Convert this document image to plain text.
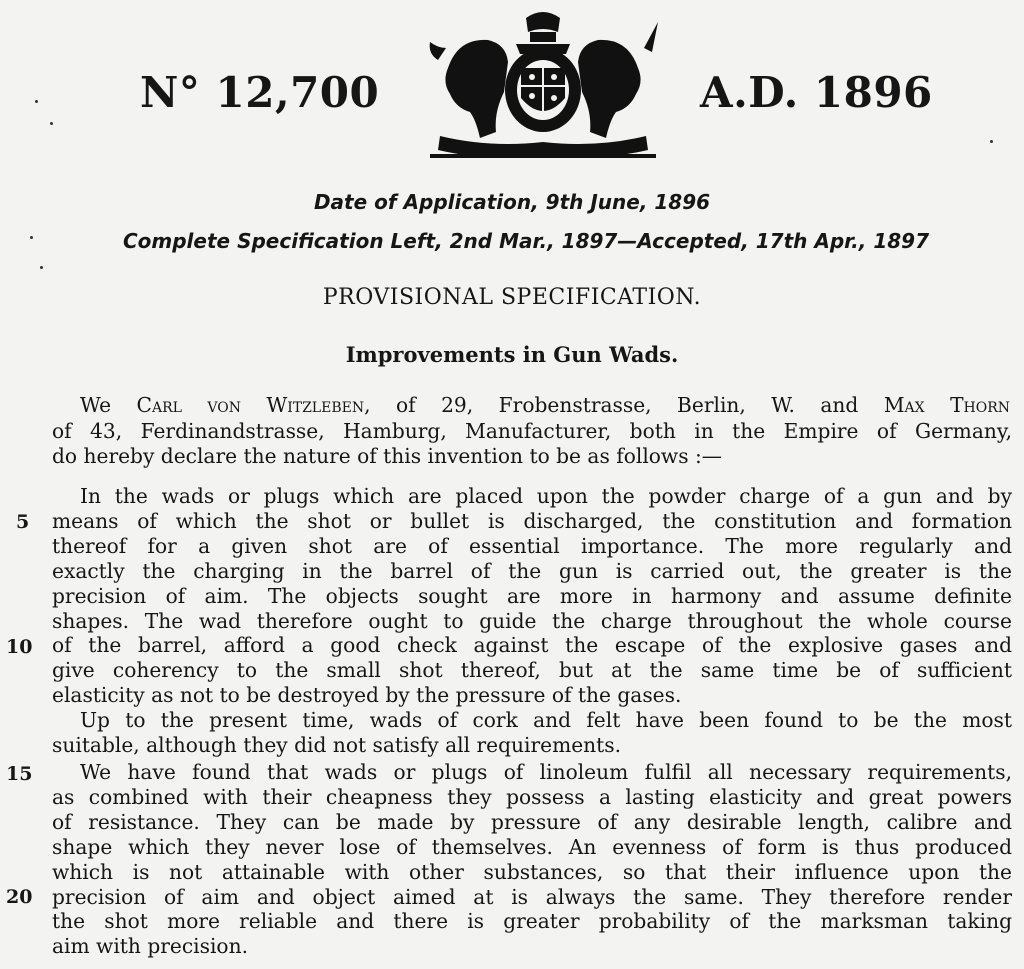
N° 12,700	A.D. 1896
Date of Application, 9th June, 1896
Complete Specification Left, 2nd Mar., 1897—Accepted, 17th Apr., 1897
PROVISIONAL SPECIFICATION.
Improvements in Gun Wads.
We Carl von Witzleben, of 29, Frobenstrasse, Berlin, W. and Max Thorn
of 43, Ferdinandstrasse, Hamburg, Manufacturer, both in the Empire of Germany,
do hereby declare the nature of this invention to be as follows :—
In the wads or plugs which are placed upon the powder charge of a gun and by
means of which the shot or bullet is discharged, the constitution and formation
thereof for a given shot are of essential importance. The more regularly and
exactly the charging in the barrel of the gun is carried out, the greater is the
precision of aim. The objects sought are more in harmony and assume definite
shapes. The wad therefore ought to guide the charge throughout the whole course
of the barrel, afford a good check against the escape of the explosive gases and
give coherency to the small shot thereof, but at the same time be of sufficient
elasticity as not to be destroyed by the pressure of the gases.
Up to the present time, wads of cork and felt have been found to be the most
suitable, although they did not satisfy all requirements.
We have found that wads or plugs of linoleum fulfil all necessary requirements,
as combined with their cheapness they possess a lasting elasticity and great powers
of resistance. They can be made by pressure of any desirable length, calibre and
shape which they never lose of themselves. An evenness of form is thus produced
which is not attainable with other substances, so that their influence upon the
precision of aim and object aimed at is always the same. They therefore render
the shot more reliable and there is greater probability of the marksman taking
aim with precision.
5
10
15
20
